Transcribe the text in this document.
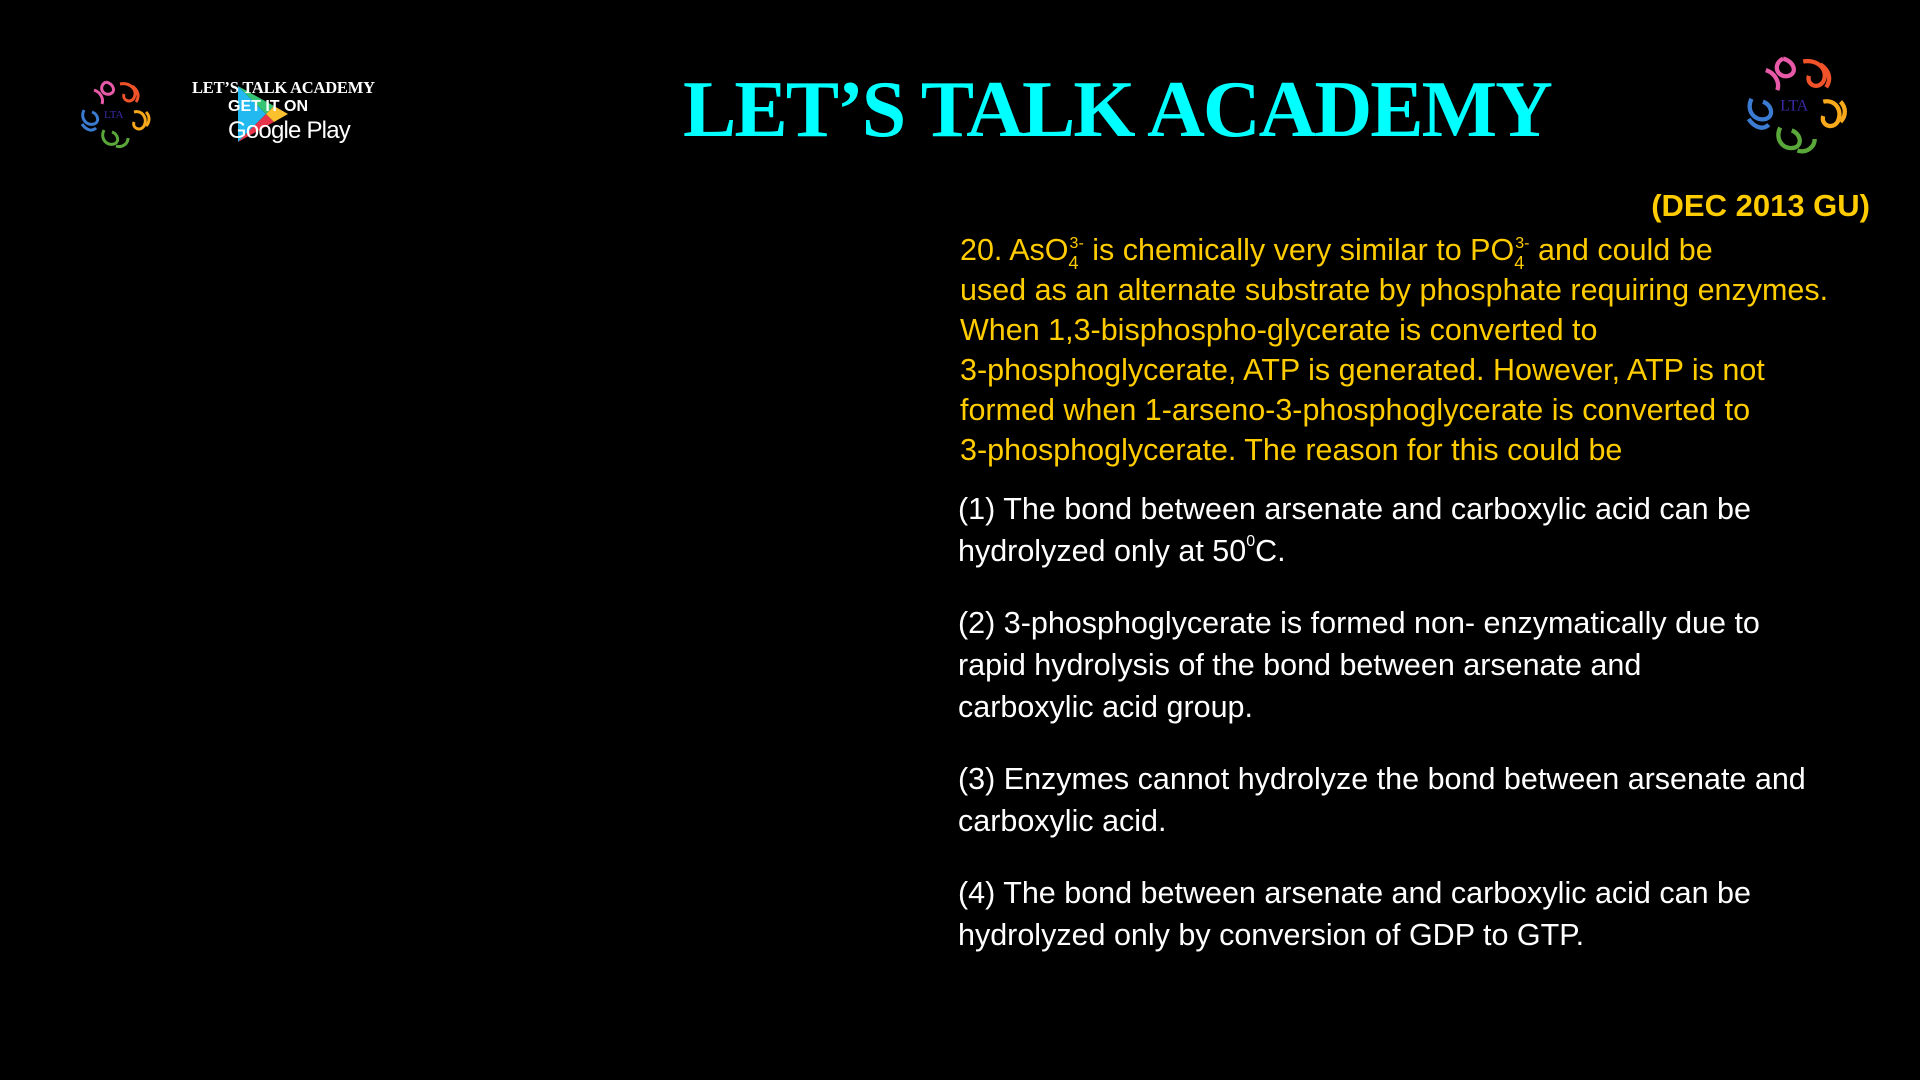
LTA
LET’S TALK ACADEMY
GET IT ON
Google Play	LET’S TALK ACADEMY	LTA
(DEC 2013 GU)
20. AsO$_4^{3-}$ is chemically very similar to $PO_4^{3-}$ and could be
used as an alternate substrate by phosphate requiring enzymes.
When 1,3-bisphospho-glycerate is converted to
3-phosphoglycerate, ATP is generated. However, ATP is not
formed when 1-arseno-3-phosphoglycerate is converted to
3-phosphoglycerate. The reason for this could be
(1) The bond between arsenate and carboxylic acid can be
hydrolyzed only at $50^0C$.
(2) 3-phosphoglycerate is formed non- enzymatically due to
rapid hydrolysis of the bond between arsenate and
carboxylic acid group.
(3) Enzymes cannot hydrolyze the bond between arsenate and
carboxylic acid.
(4) The bond between arsenate and carboxylic acid can be
hydrolyzed only by conversion of GDP to GTP.
